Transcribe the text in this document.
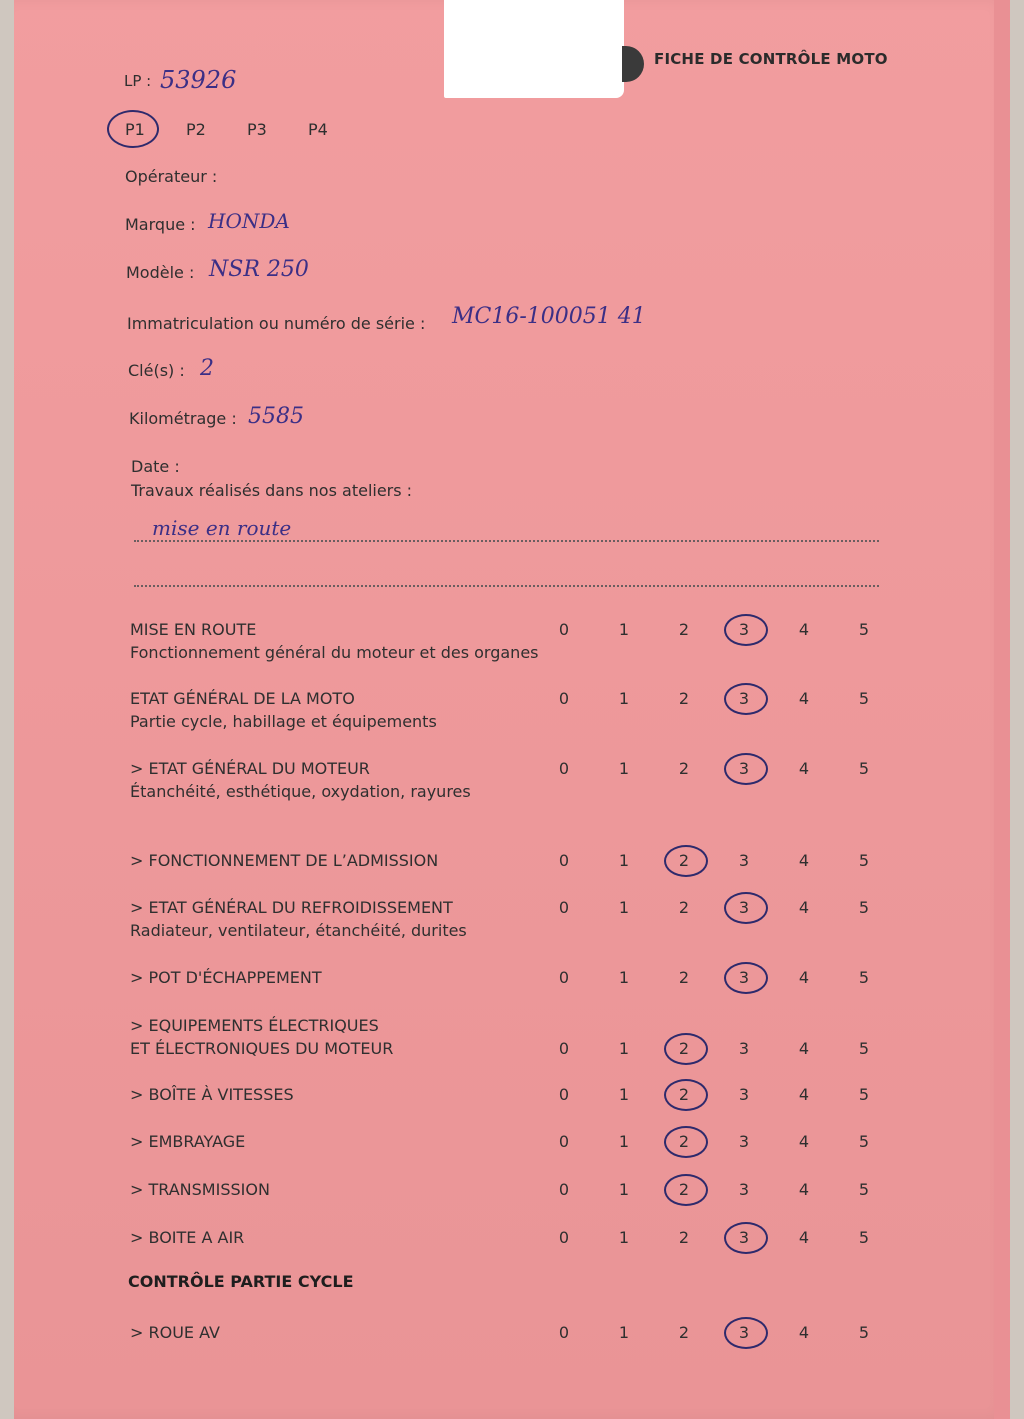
FICHE DE CONTRÔLE MOTO
LP : 53926
P1	P2	P3	P4
Opérateur :
Marque : HONDA
Modèle : NSR 250
Immatriculation ou numéro de série : MC16-100051 41
Clé(s) : 2
Kilométrage : 5585
Date :
Travaux réalisés dans nos ateliers :
mise en route
MISE EN ROUTE
Fonctionnement général du moteur et des organes
0	1	2	3	4	5
ETAT GÉNÉRAL DE LA MOTO
Partie cycle, habillage et équipements
0	1	2	3	4	5
> ETAT GÉNÉRAL DU MOTEUR
Étanchéité, esthétique, oxydation, rayures
0	1	2	3	4	5
> FONCTIONNEMENT DE L’ADMISSION	0	1	2	3	4	5
> ETAT GÉNÉRAL DU REFROIDISSEMENT
Radiateur, ventilateur, étanchéité, durites
0	1	2	3	4	5
> POT D'ÉCHAPPEMENT	0	1	2	3	4	5
> EQUIPEMENTS ÉLECTRIQUES
ET ÉLECTRONIQUES DU MOTEUR	0	1	2	3	4	5
> BOÎTE À VITESSES	0	1	2	3	4	5
> EMBRAYAGE	0	1	2	3	4	5
> TRANSMISSION	0	1	2	3	4	5
> BOITE A AIR	0	1	2	3	4	5
CONTRÔLE PARTIE CYCLE
> ROUE AV	0	1	2	3	4	5
